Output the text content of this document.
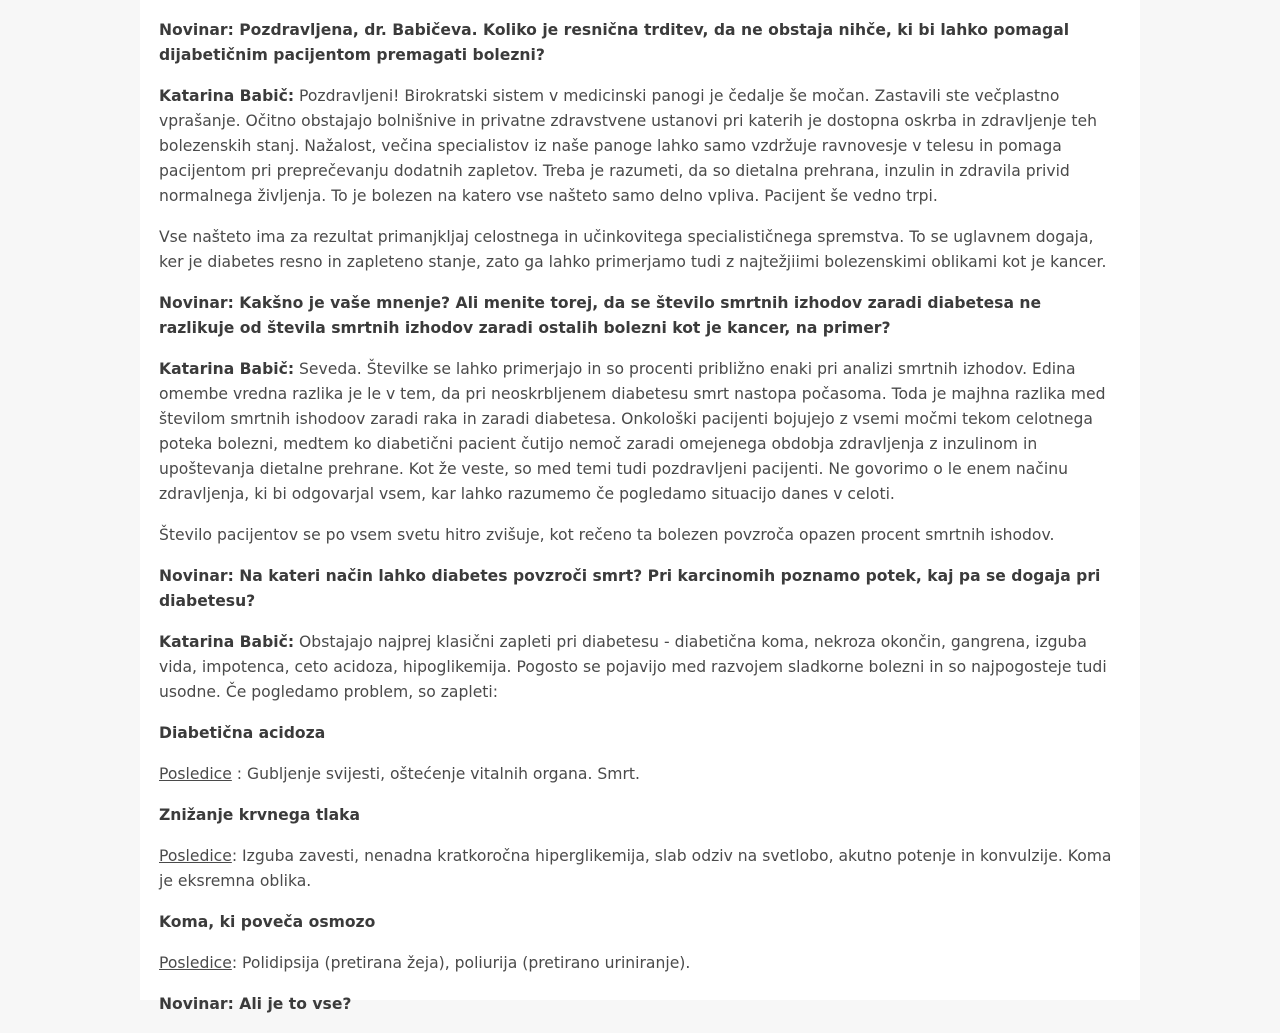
Novinar: Pozdravljena, dr. Babičeva. Koliko je resnična trditev, da ne obstaja nihče, ki bi lahko pomagal dijabetičnim pacijentom premagati bolezni?

Katarina Babič: Pozdravljeni! Birokratski sistem v medicinski panogi je čedalje še močan. Zastavili ste večplastno vprašanje. Očitno obstajajo bolnišnive in privatne zdravstvene ustanovi pri katerih je dostopna oskrba in zdravljenje teh bolezenskih stanj. Nažalost, večina specialistov iz naše panoge lahko samo vzdržuje ravnovesje v telesu in pomaga pacijentom pri preprečevanju dodatnih zapletov. Treba je razumeti, da so dietalna prehrana, inzulin in zdravila privid normalnega življenja. To je bolezen na katero vse našteto samo delno vpliva. Pacijent še vedno trpi.

Vse našteto ima za rezultat primanjkljaj celostnega in učinkovitega specialističnega spremstva. To se uglavnem dogaja, ker je diabetes resno in zapleteno stanje, zato ga lahko primerjamo tudi z najtežjiimi bolezenskimi oblikami kot je kancer.

Novinar: Kakšno je vaše mnenje? Ali menite torej, da se število smrtnih izhodov zaradi diabetesa ne razlikuje od števila smrtnih izhodov zaradi ostalih bolezni kot je kancer, na primer?

Katarina Babič: Seveda. Številke se lahko primerjajo in so procenti približno enaki pri analizi smrtnih izhodov. Edina omembe vredna razlika je le v tem, da pri neoskrbljenem diabetesu smrt nastopa počasoma. Toda je majhna razlika med številom smrtnih ishodoov zaradi raka in zaradi diabetesa. Onkološki pacijenti bojujejo z vsemi močmi tekom celotnega poteka bolezni, medtem ko diabetični pacient čutijo nemoč zaradi omejenega obdobja zdravljenja z inzulinom in upoštevanja dietalne prehrane. Kot že veste, so med temi tudi pozdravljeni pacijenti. Ne govorimo o le enem načinu zdravljenja, ki bi odgovarjal vsem, kar lahko razumemo če pogledamo situacijo danes v celoti.

Število pacijentov se po vsem svetu hitro zvišuje, kot rečeno ta bolezen povzroča opazen procent smrtnih ishodov.

Novinar: Na kateri način lahko diabetes povzroči smrt? Pri karcinomih poznamo potek, kaj pa se dogaja pri diabetesu?

Katarina Babič: Obstajajo najprej klasični zapleti pri diabetesu - diabetična koma, nekroza okončin, gangrena, izguba vida, impotenca, ceto acidoza, hipoglikemija. Pogosto se pojavijo med razvojem sladkorne bolezni in so najpogosteje tudi usodne. Če pogledamo problem, so zapleti:

Diabetična acidoza

Posledice : Gubljenje svijesti, oštećenje vitalnih organa. Smrt.

Znižanje krvnega tlaka

Posledice: Izguba zavesti, nenadna kratkoročna hiperglikemija, slab odziv na svetlobo, akutno potenje in konvulzije. Koma je eksremna oblika.

Koma, ki poveča osmozo

Posledice: Polidipsija (pretirana žeja), poliurija (pretirano uriniranje).

Novinar: Ali je to vse?
